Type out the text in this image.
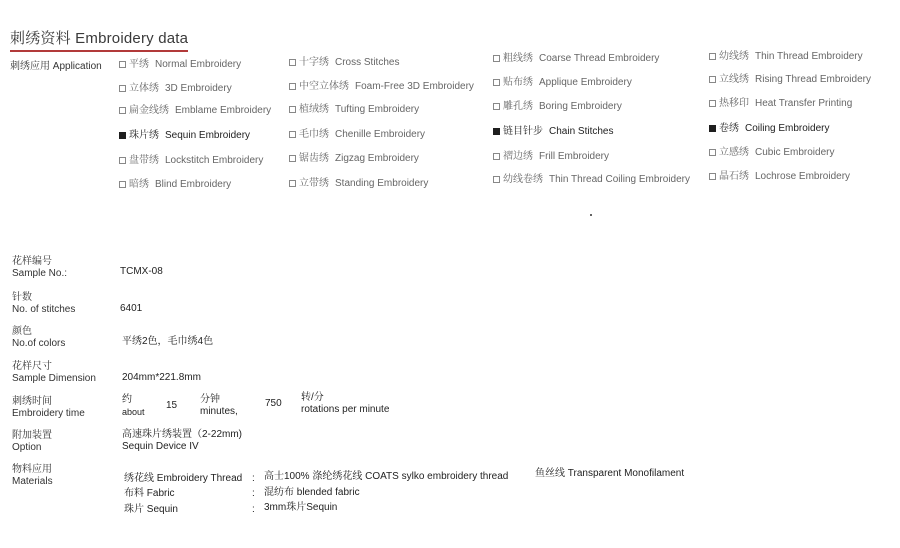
刺绣资料 Embroidery data
刺绣应用 Application	平绣 Normal Embroidery
立体绣 3D Embroidery
扁金线绣 Emblame Embroidery
珠片绣 Sequin Embroidery
盘带绣 Lockstitch Embroidery
暗绣 Blind Embroidery
十字绣 Cross Stitches
中空立体绣 Foam-Free 3D Embroidery
植绒绣 Tufting Embroidery
毛巾绣 Chenille Embroidery
锯齿绣 Zigzag Embroidery
立带绣 Standing Embroidery
粗线绣 Coarse Thread Embroidery
贴布绣 Applique Embroidery
雕孔绣 Boring Embroidery
链目针步 Chain Stitches
褶边绣 Frill Embroidery
幼线卷绣 Thin Thread Coiling Embroidery
幼线绣 Thin Thread Embroidery
立线绣 Rising Thread Embroidery
热移印 Heat Transfer Printing
卷绣 Coiling Embroidery
立感绣 Cubic Embroidery
晶石绣 Lochrose Embroidery
花样编号
Sample No.:	TCMX-08
针数
No. of stitches	6401
颜色
No.of colors	平绣2色，毛巾绣4色
花样尺寸
Sample Dimension	204mm*221.8mm
刺绣时间
Embroidery time
约
about
15
分钟
minutes,
750
转/分
rotations per minute
附加装置
Option
高速珠片绣装置（2-22mm)
Sequin Device IV
物料应用
Materials	绣花线 Embroidery Thread : 高士100% 涤纶绣花线 COATS sylko embroidery thread	鱼丝线 Transparent Monofilament
布料 Fabric	: 混纺布 blended fabric
珠片 Sequin	: 3mm珠片Sequin
